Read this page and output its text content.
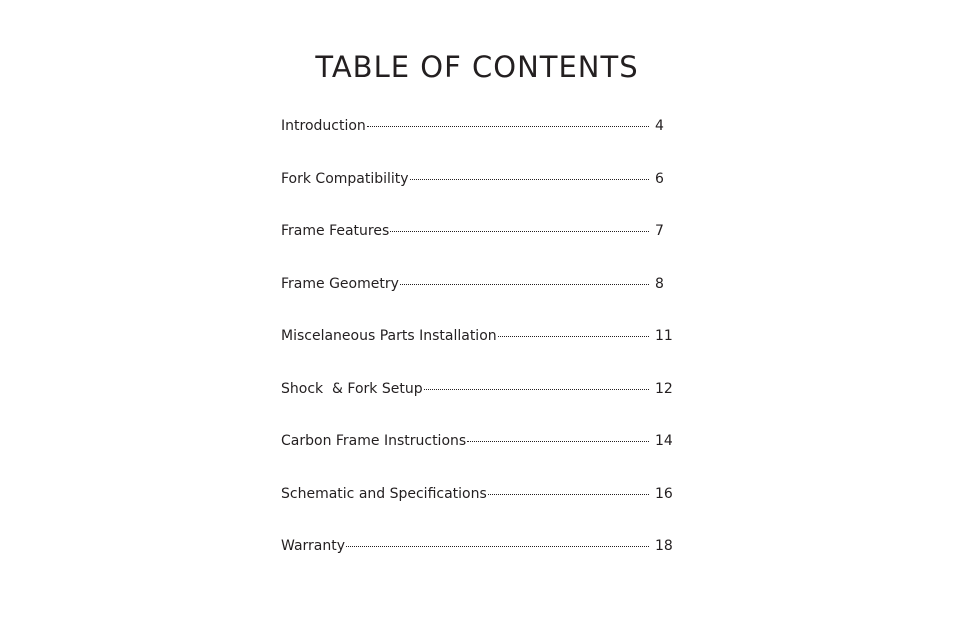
TABLE OF CONTENTS
Introduction	4
Fork Compatibility	6
Frame Features	7
Frame Geometry	8
Miscelaneous Parts Installation	11
Shock  & Fork Setup	12
Carbon Frame Instructions	14
Schematic and Specifications	16
Warranty	18
